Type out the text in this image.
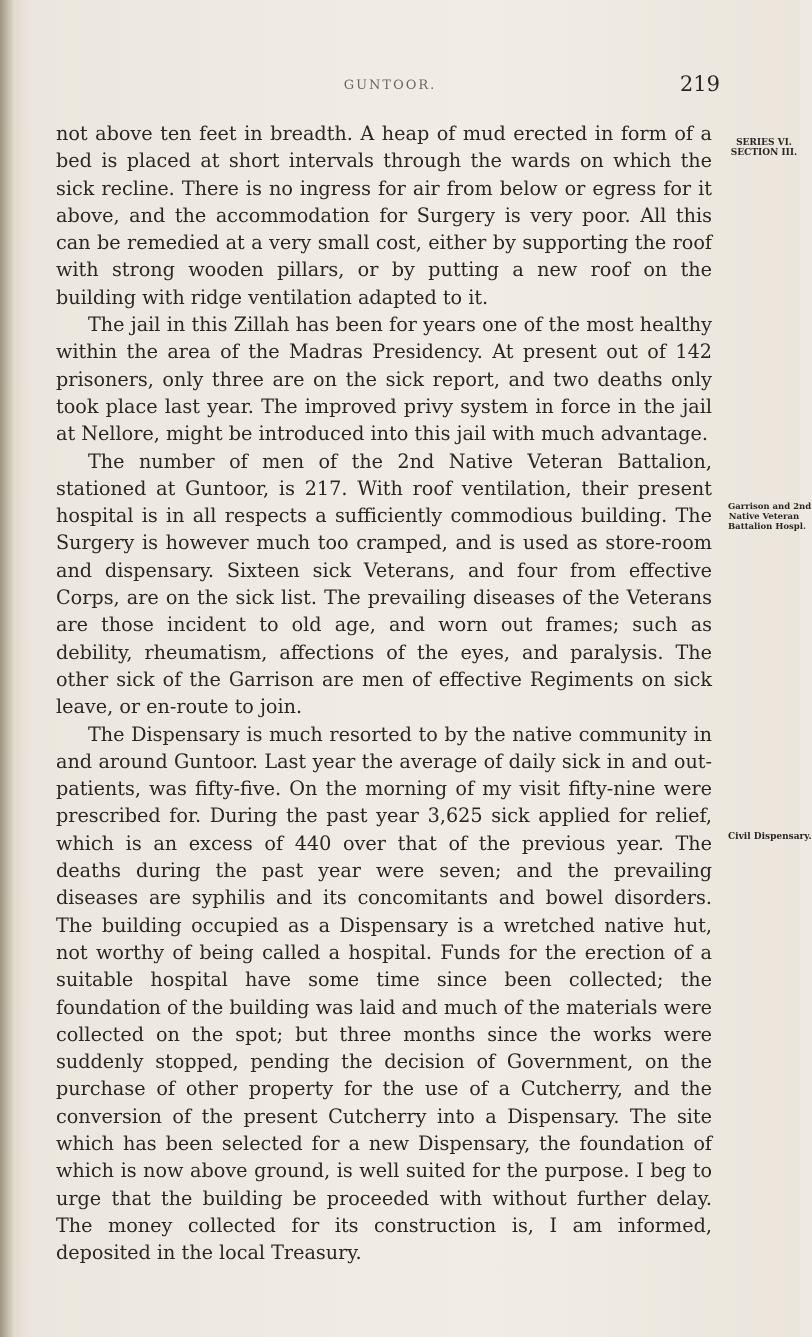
GUNTOOR.	219

not above ten feet in breadth. A heap of mud erected in form of a bed is placed at short intervals through the wards on which the sick recline. There is no ingress for air from below or egress for it above, and the accommodation for Surgery is very poor. All this can be remedied at a very small cost, either by supporting the roof with strong wooden pillars, or by putting a new roof on the building with ridge ventilation adapted to it.

The jail in this Zillah has been for years one of the most healthy within the area of the Madras Presidency. At present out of 142 prisoners, only three are on the sick report, and two deaths only took place last year. The improved privy system in force in the jail at Nellore, might be introduced into this jail with much advantage.

The number of men of the 2nd Native Veteran Battalion, stationed at Guntoor, is 217. With roof ventilation, their present hospital is in all respects a sufficiently commodious building. The Surgery is however much too cramped, and is used as store-room and dispensary. Sixteen sick Veterans, and four from effective Corps, are on the sick list. The prevailing diseases of the Veterans are those incident to old age, and worn out frames; such as debility, rheumatism, affections of the eyes, and paralysis. The other sick of the Garrison are men of effective Regiments on sick leave, or en-route to join.

The Dispensary is much resorted to by the native community in and around Guntoor. Last year the average of daily sick in and out-patients, was fifty-five. On the morning of my visit fifty-nine were prescribed for. During the past year 3,625 sick applied for relief, which is an excess of 440 over that of the previous year. The deaths during the past year were seven; and the prevailing diseases are syphilis and its concomitants and bowel disorders. The building occupied as a Dispensary is a wretched native hut, not worthy of being called a hospital. Funds for the erection of a suitable hospital have some time since been collected; the foundation of the building was laid and much of the materials were collected on the spot; but three months since the works were suddenly stopped, pending the decision of Government, on the purchase of other property for the use of a Cutcherry, and the conversion of the present Cutcherry into a Dispensary. The site which has been selected for a new Dispensary, the foundation of which is now above ground, is well suited for the purpose. I beg to urge that the building be proceeded with without further delay. The money collected for its construction is, I am informed, deposited in the local Treasury.

SERIES VI.
SECTION III.
Garrison and 2nd
Native Veteran
Battalion Hospl.
Civil Dispensary.
